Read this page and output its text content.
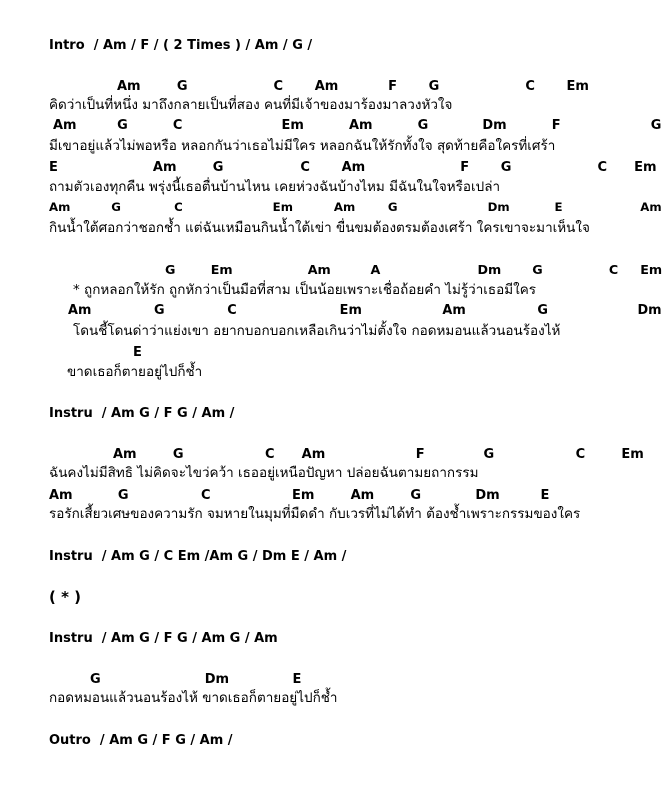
Intro  / Am / F / ( 2 Times ) / Am / G /
Am        G                   C       Am           F       G                   C       Em
คิดว่าเป็นที่หนึ่ง มาถึงกลายเป็นที่สอง คนที่มีเจ้าของมาร้องมาลวงหัวใจ
Am         G          C                      Em          Am          G            Dm          F                    G
มีเขาอยู่แล้วไม่พอหรือ หลอกกันว่าเธอไม่มีใคร หลอกฉันให้รักทั้งใจ สุดท้ายคือใครที่เศร้า
E                     Am        G                 C       Am                     F       G                   C      Em
ถามตัวเองทุกคืน พรุ่งนี้เธอตื่นบ้านไหน เคยห่วงฉันบ้างไหม มีฉันในใจหรือเปล่า
Am          G             C                      Em          Am        G                      Dm           E                   Am
กินน้ำใต้ศอกว่าชอกช้ำ แต่ฉันเหมือนกินน้ำใต้เข่า ขื่นขมต้องตรมต้องเศร้า ใครเขาจะมาเห็นใจ
G        Em                 Am         A                      Dm       G               C     Em
* ถูกหลอกให้รัก ถูกหักว่าเป็นมือที่สาม เป็นน้อยเพราะเชื่อถ้อยคำ ไม่รู้ว่าเธอมีใคร
Am              G              C                       Em                  Am                G                    Dm
โดนชี้โดนด่าว่าแย่งเขา อยากบอกบอกเหลือเกินว่าไม่ตั้งใจ กอดหมอนแล้วนอนร้องไห้
E
ขาดเธอก็ตายอยู่ไปก็ช้ำ
Instru  / Am G / F G / Am /
Am        G                  C      Am                    F             G                  C        Em
ฉันคงไม่มีสิทธิ ไม่คิดจะไขว่คว้า เธออยู่เหนือปัญหา ปล่อยฉันตามยถากรรม
Am          G                C                  Em        Am        G            Dm         E
รอรักเสี้ยวเศษของความรัก จมหายในมุมที่มืดดำ กับเวรที่ไม่ได้ทำ ต้องช้ำเพราะกรรมของใคร
Instru  / Am G / C Em /Am G / Dm E / Am /
( * )
Instru  / Am G / F G / Am G / Am
G                       Dm              E
กอดหมอนแล้วนอนร้องไห้ ขาดเธอก็ตายอยู่ไปก็ช้ำ
Outro  / Am G / F G / Am /
